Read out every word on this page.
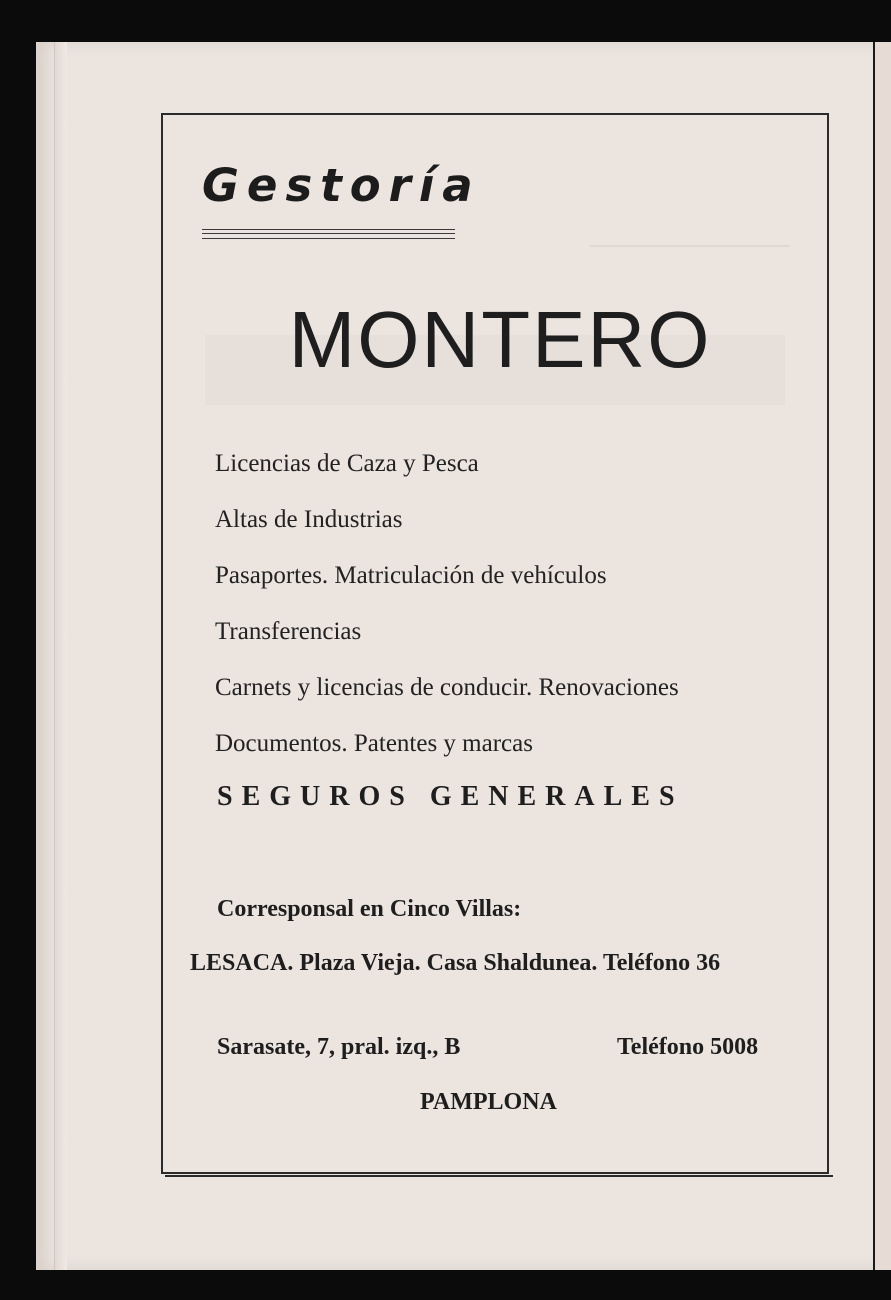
Gestoría
MONTERO
Licencias de Caza y Pesca
Altas de Industrias
Pasaportes. Matriculación de vehículos
Transferencias
Carnets y licencias de conducir. Renovaciones
Documentos. Patentes y marcas
SEGUROS GENERALES
Corresponsal en Cinco Villas:
LESACA. Plaza Vieja. Casa Shaldunea. Teléfono 36
Sarasate, 7, pral. izq., B	Teléfono 5008
PAMPLONA
